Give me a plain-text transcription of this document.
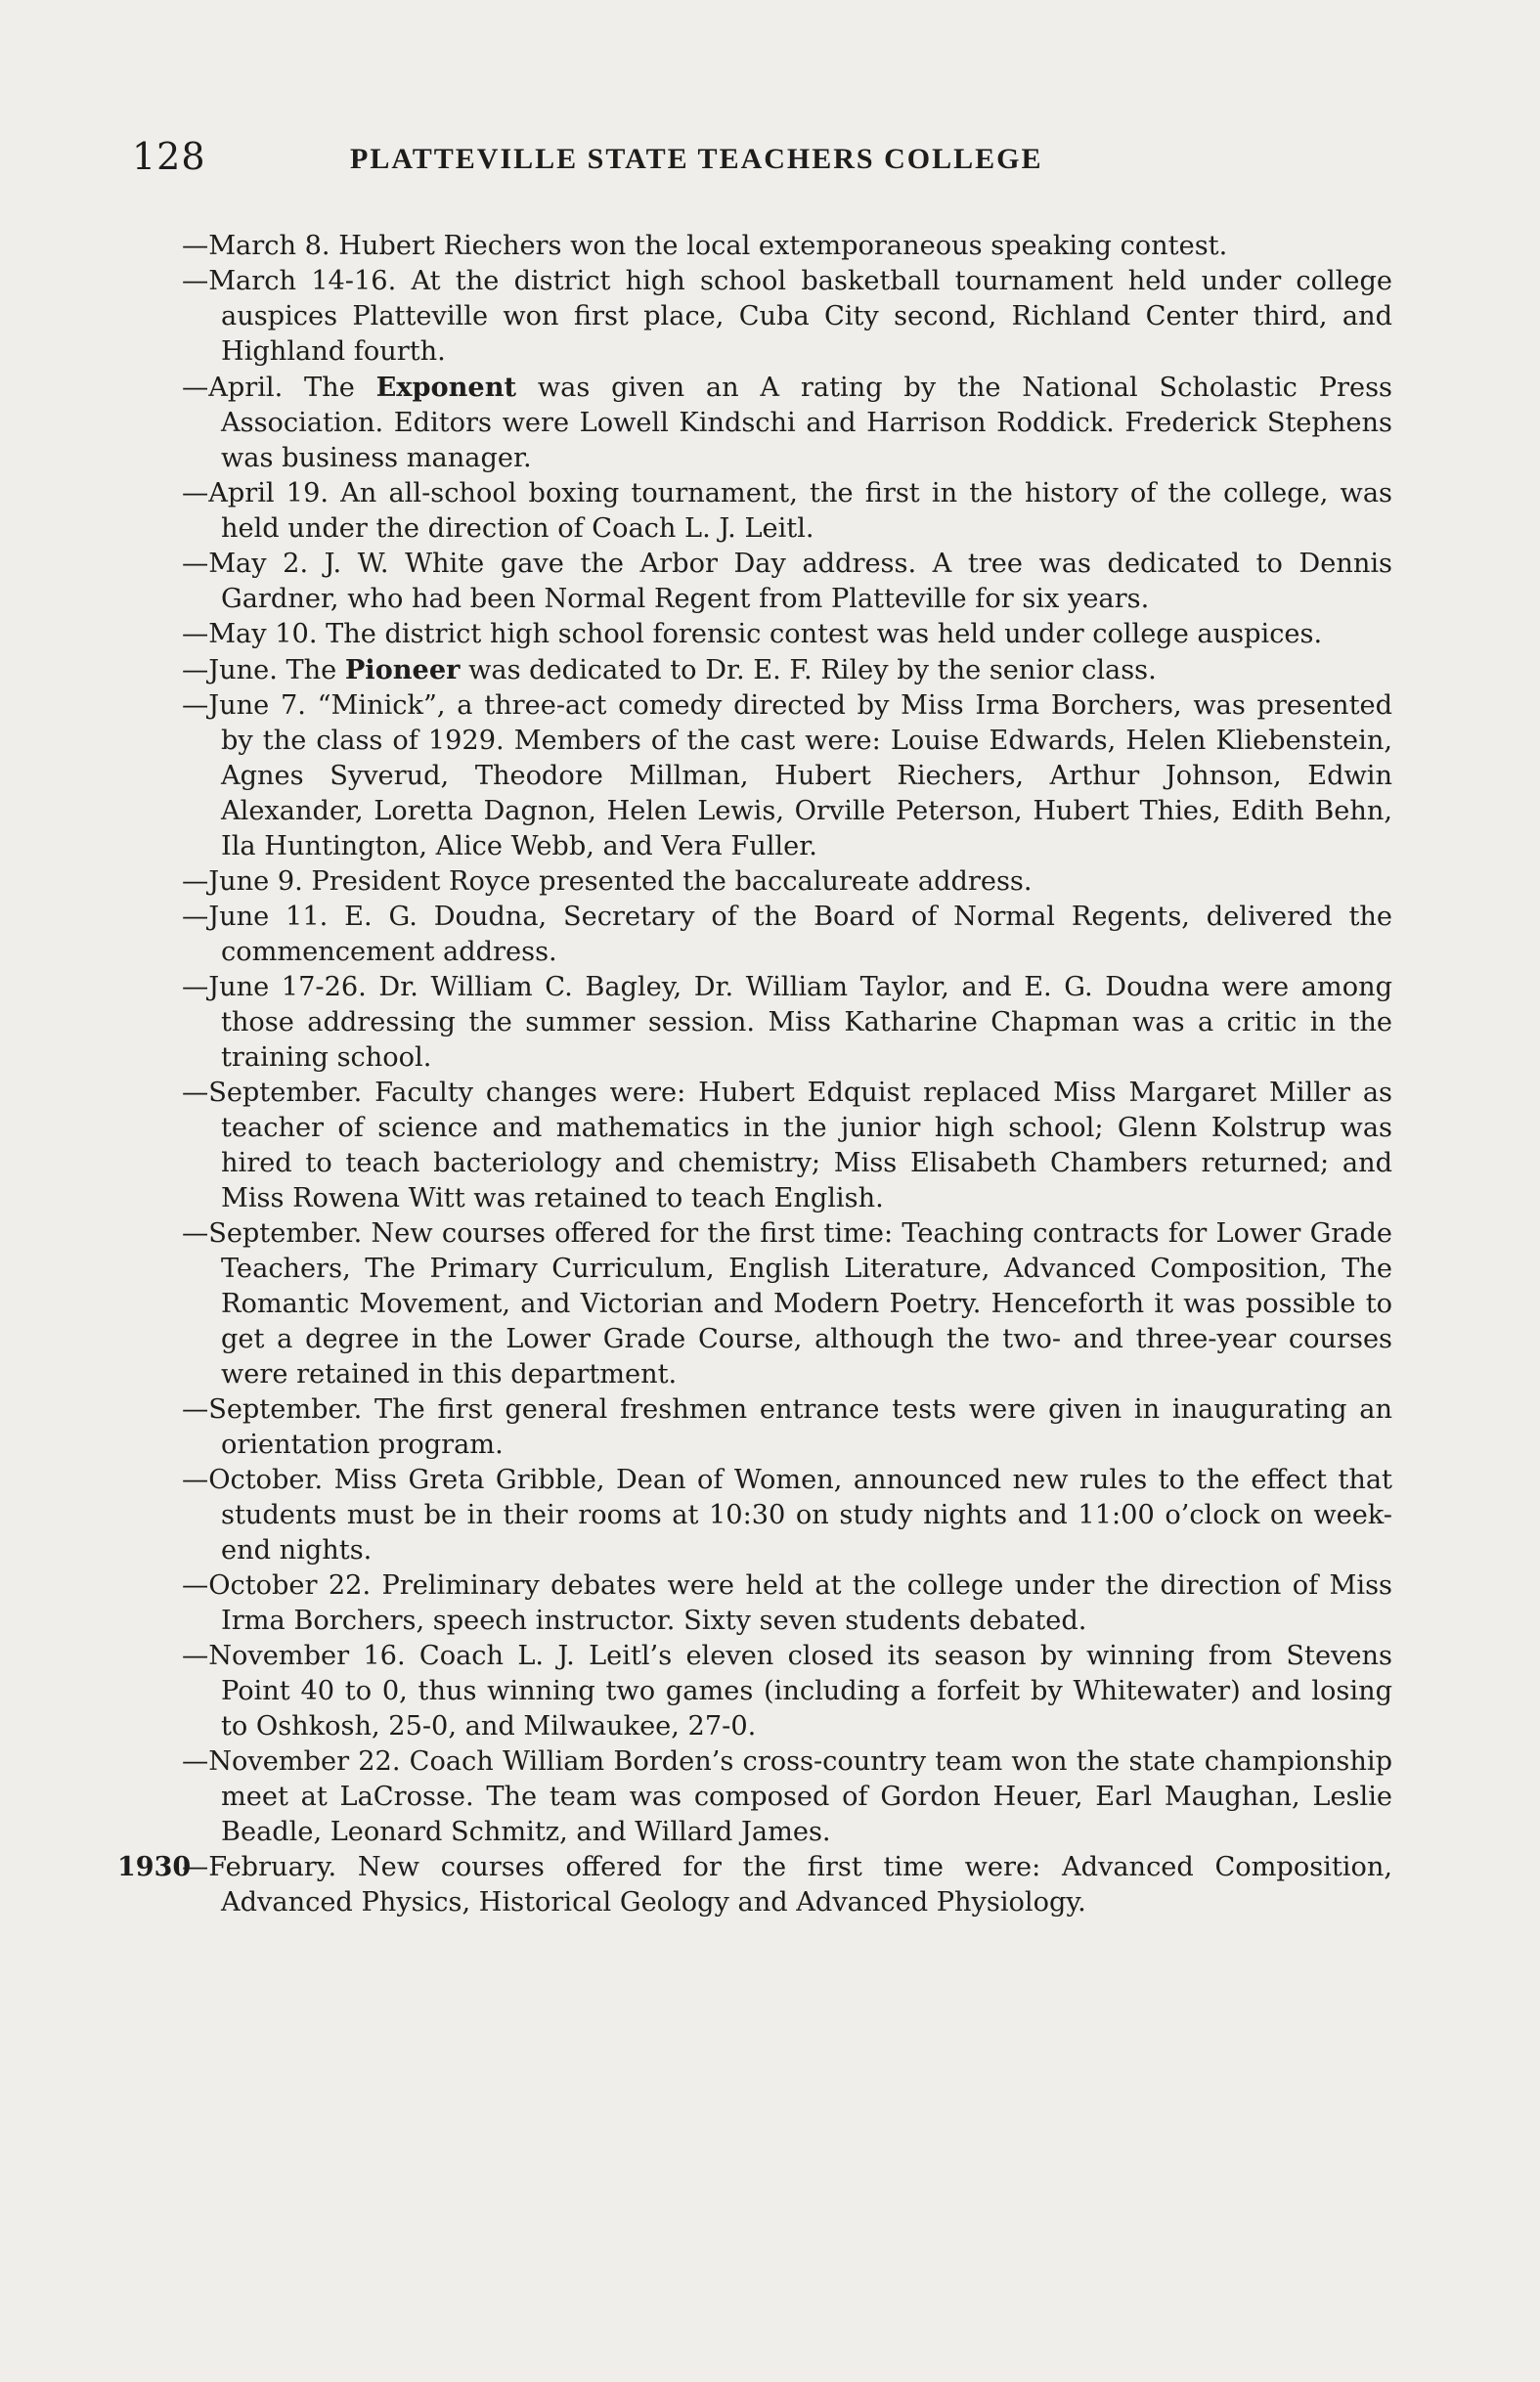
128	PLATTEVILLE STATE TEACHERS COLLEGE
—March 8. Hubert Riechers won the local extemporaneous speaking contest.
—March 14-16. At the district high school basketball tournament held under college auspices Platteville won first place, Cuba City second, Richland Center third, and Highland fourth.
—April. The Exponent was given an A rating by the National Scholastic Press Association. Editors were Lowell Kindschi and Harrison Roddick. Frederick Stephens was business manager.
—April 19. An all-school boxing tournament, the first in the history of the college, was held under the direction of Coach L. J. Leitl.
—May 2. J. W. White gave the Arbor Day address. A tree was dedicated to Dennis Gardner, who had been Normal Regent from Platteville for six years.
—May 10. The district high school forensic contest was held under college auspices.
—June. The Pioneer was dedicated to Dr. E. F. Riley by the senior class.
—June 7. “Minick”, a three-act comedy directed by Miss Irma Borchers, was presented by the class of 1929. Members of the cast were: Louise Edwards, Helen Kliebenstein, Agnes Syverud, Theodore Millman, Hubert Riechers, Arthur Johnson, Edwin Alexander, Loretta Dagnon, Helen Lewis, Orville Peterson, Hubert Thies, Edith Behn, Ila Huntington, Alice Webb, and Vera Fuller.
—June 9. President Royce presented the baccalureate address.
—June 11. E. G. Doudna, Secretary of the Board of Normal Regents, delivered the commencement address.
—June 17-26. Dr. William C. Bagley, Dr. William Taylor, and E. G. Doudna were among those addressing the summer session. Miss Katharine Chapman was a critic in the training school.
—September. Faculty changes were: Hubert Edquist replaced Miss Margaret Miller as teacher of science and mathematics in the junior high school; Glenn Kolstrup was hired to teach bacteriology and chemistry; Miss Elisabeth Chambers returned; and Miss Rowena Witt was retained to teach English.
—September. New courses offered for the first time: Teaching contracts for Lower Grade Teachers, The Primary Curriculum, English Literature, Advanced Composition, The Romantic Movement, and Victorian and Modern Poetry. Henceforth it was possible to get a degree in the Lower Grade Course, although the two- and three-year courses were retained in this department.
—September. The first general freshmen entrance tests were given in inaugurating an orientation program.
—October. Miss Greta Gribble, Dean of Women, announced new rules to the effect that students must be in their rooms at 10:30 on study nights and 11:00 o’clock on week-end nights.
—October 22. Preliminary debates were held at the college under the direction of Miss Irma Borchers, speech instructor. Sixty seven students debated.
—November 16. Coach L. J. Leitl’s eleven closed its season by winning from Stevens Point 40 to 0, thus winning two games (including a forfeit by Whitewater) and losing to Oshkosh, 25-0, and Milwaukee, 27-0.
—November 22. Coach William Borden’s cross-country team won the state championship meet at LaCrosse. The team was composed of Gordon Heuer, Earl Maughan, Leslie Beadle, Leonard Schmitz, and Willard James.
1930
—February. New courses offered for the first time were: Advanced Composition, Advanced Physics, Historical Geology and Advanced Physiology.
